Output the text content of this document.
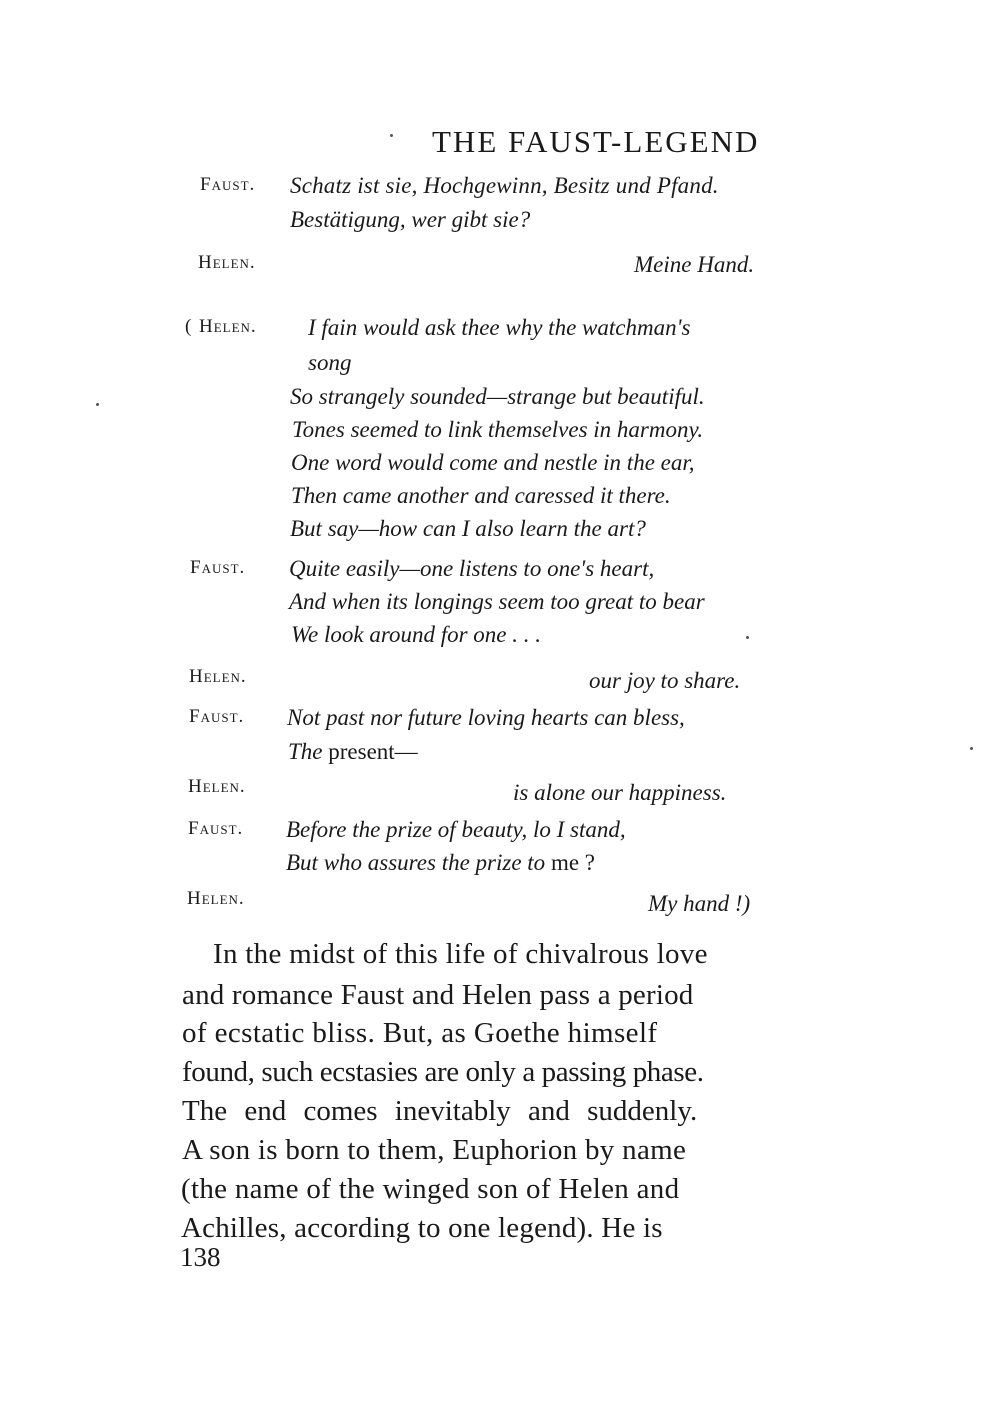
THE FAUST-LEGEND
Faust. Schatz ist sie, Hochgewinn, Besitz und Pfand.
Bestätigung, wer gibt sie?
Helen.	Meine Hand.
( Helen. I fain would ask thee why the watchman's
song
So strangely sounded—strange but beautiful.
Tones seemed to link themselves in harmony.
One word would come and nestle in the ear,
Then came another and caressed it there.
But say—how can I also learn the art?
Faust. Quite easily—one listens to one's heart,
And when its longings seem too great to bear
We look around for one . . .
Helen.	our joy to share.
Faust. Not past nor future loving hearts can bless,
The present—
Helen.	is alone our happiness.
Faust. Before the prize of beauty, lo I stand,
But who assures the prize to me ?
Helen.	My hand !)
In the midst of this life of chivalrous love
and romance Faust and Helen pass a period
of ecstatic bliss. But, as Goethe himself
found, such ecstasies are only a passing phase.
The end comes inevitably and suddenly.
A son is born to them, Euphorion by name
(the name of the winged son of Helen and
Achilles, according to one legend). He is
138
